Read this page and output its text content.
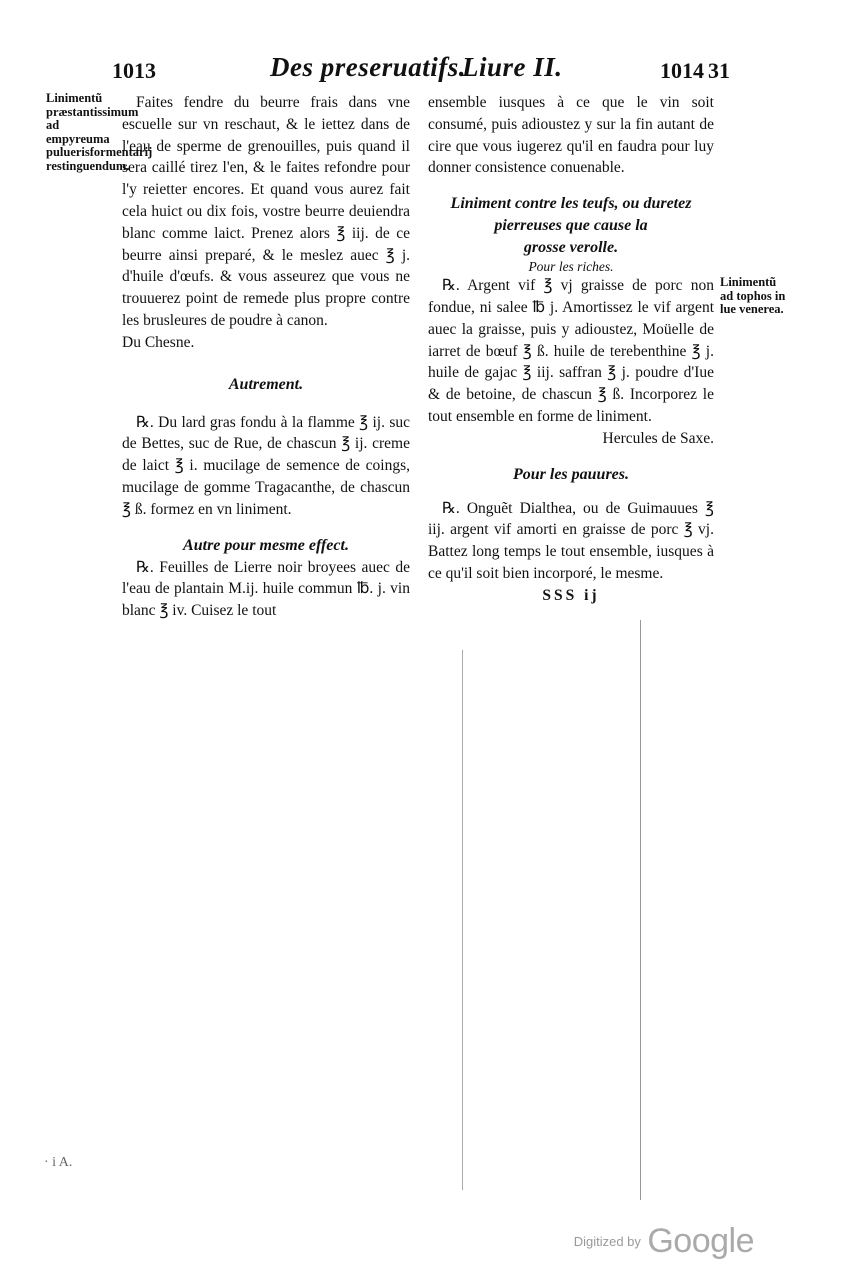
1013	Des preseruatifs.
Liure II.	1014 31
Linimentũ præstantissimum ad empyreuma puluerisformentarij restinguendum.

Faites fendre du beurre frais dans vne escuelle sur vn reschaut, & le iettez dans de l'eau de sperme de grenouilles, puis quand il sera caillé tirez l'en, & le faites refondre pour l'y reietter encores. Et quand vous aurez fait cela huict ou dix fois, vostre beurre deuiendra blanc comme laict. Prenez alors ℥ iij. de ce beurre ainsi preparé, & le meslez auec ℥ j. d'huile d'œufs. & vous asseurez que vous ne trouuerez point de remede plus propre contre les brusleures de poudre à canon.

Du Chesne.

Autrement.

℞. Du lard gras fondu à la flamme ℥ ij. suc de Bettes, suc de Rue, de chascun ℥ ij. creme de laict ℥ i. mucilage de semence de coings, mucilage de gomme Tragacanthe, de chascun ℥ ß. formez en vn liniment.

Autre pour mesme effect.

℞. Feuilles de Lierre noir broyees auec de l'eau de plantain M.ij. huile commun ℔. j. vin blanc ℥ iv. Cuisez le tout

ensemble iusques à ce que le vin soit consumé, puis adioustez y sur la fin autant de cire que vous iugerez qu'il en faudra pour luy donner consistence conuenable.

Liniment contre les teufs, ou duretez pierreuses que cause la

grosse verolle.

Pour les riches.

℞. Argent vif ℥ vj graisse de porc non fondue, ni salee ℔ j. Amortissez le vif argent auec la graisse, puis y adioustez, Moüelle de iarret de bœuf ℥ ß. huile de terebenthine ℥ j. huile de gajac ℥ iij. saffran ℥ j. poudre d'Iue & de betoine, de chascun ℥ ß. Incorporez le tout ensemble en forme de liniment.

Hercules de Saxe.

Pour les pauures.

℞. Onguẽt Dialthea, ou de Guimauues ℥ iij. argent vif amorti en graisse de porc ℥ vj. Battez long temps le tout ensemble, iusques à ce qu'il soit bien incorporé, le mesme.

SSS ij

Linimentũ ad tophos in lue venerea.
· i A.
Digitized by Google
